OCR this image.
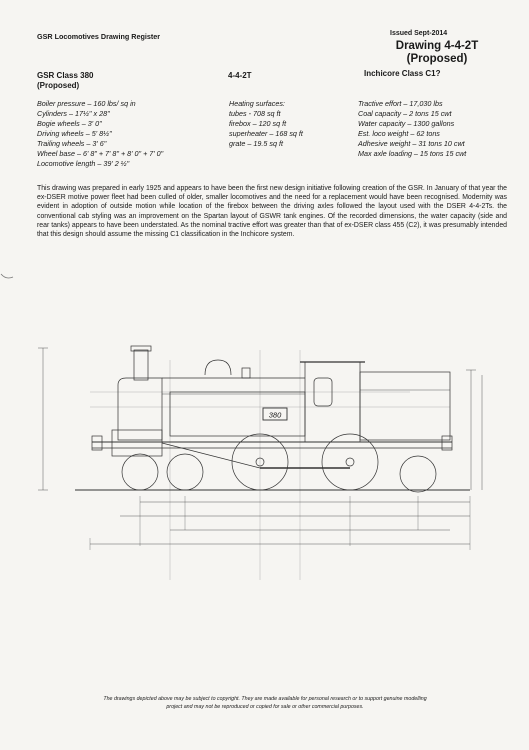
GSR Locomotives Drawing Register	Issued Sept-2014
Drawing 4-4-2T
(Proposed)
GSR Class 380
(Proposed)
4-4-2T	Inchicore Class C1?
Boiler pressure – 160 lbs/ sq in
Cylinders – 17½" x 28"
Bogie wheels – 3' 0"
Driving wheels – 5' 8½"
Trailing wheels – 3' 6"
Wheel base – 6' 8" + 7' 8" + 8' 0" + 7' 0"
Locomotive length – 39' 2 ½"
Heating surfaces:
tubes - 708 sq ft
firebox – 120 sq ft
superheater – 168 sq ft
grate – 19.5 sq ft
Tractive effort – 17,030 lbs
Coal capacity – 2 tons 15 cwt
Water capacity – 1300 gallons
Est. loco weight – 62 tons
Adhesive weight – 31 tons 10 cwt
Max axle loading – 15 tons 15 cwt
This drawing was prepared in early 1925 and appears to have been the first new design initiative following creation of the GSR. In January of that year the ex-DSER motive power fleet had been culled of older, smaller locomotives and the need for a replacement would have been recognised. Modernity was evident in adoption of outside motion while location of the firebox between the driving axles followed the layout used with the DSER 4-4-2Ts. the conventional cab styling was an improvement on the Spartan layout of GSWR tank engines. Of the recorded dimensions, the water capacity (side and rear tanks) appears to have been understated. As the nominal tractive effort was greater than that of ex-DSER class 455 (C2), it was presumably intended that this design should assume the missing C1 classification in the Inchicore system.
380
The drawings depicted above may be subject to copyright. They are made available for personal research or to support genuine modelling
project and may not be reproduced or copied for sale or other commercial purposes.
